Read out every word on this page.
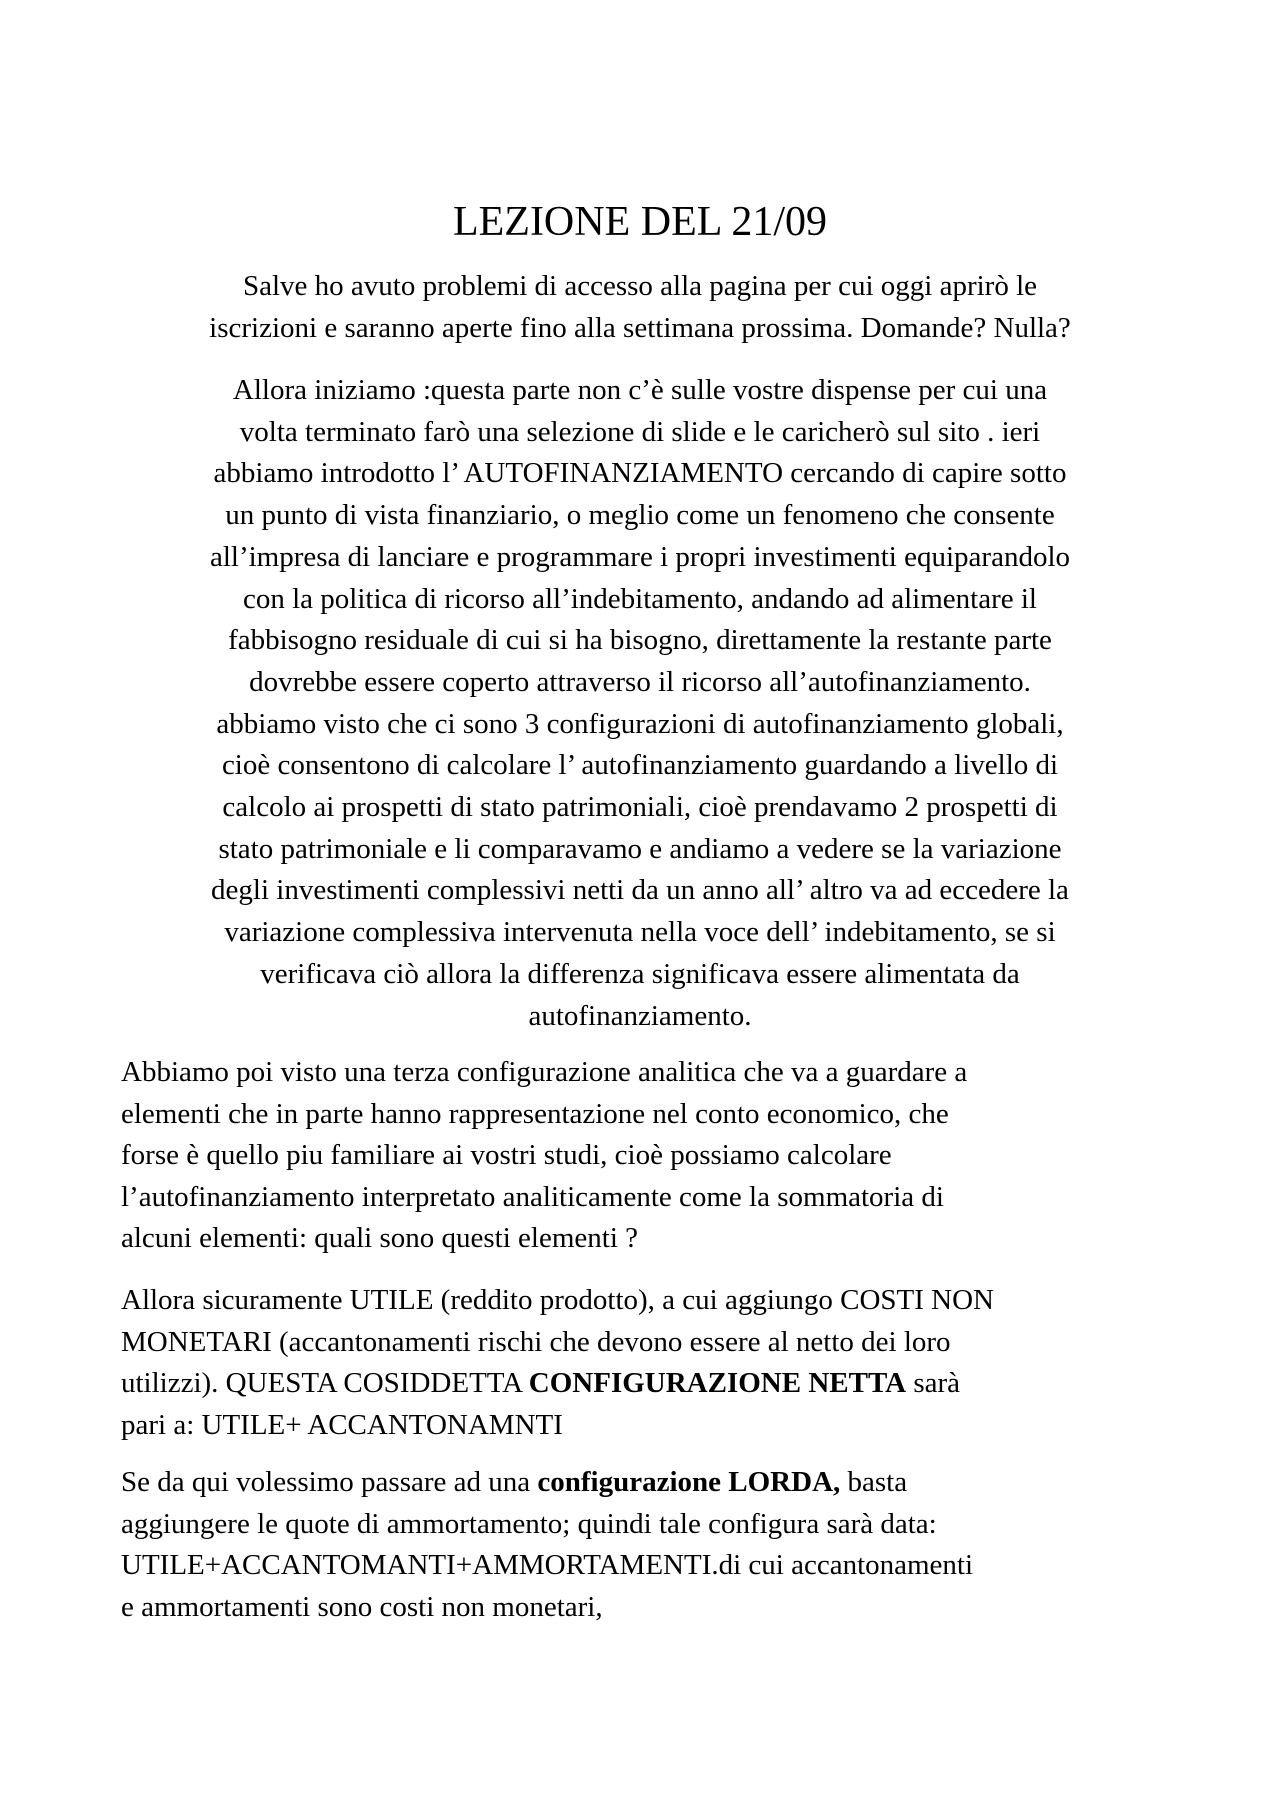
LEZIONE DEL 21/09

Salve ho avuto problemi di accesso alla pagina per cui oggi aprirò le
iscrizioni e saranno aperte fino alla settimana prossima. Domande? Nulla?

Allora iniziamo :questa parte non c’è sulle vostre dispense per cui una
volta terminato farò una selezione di slide e le caricherò sul sito . ieri
abbiamo introdotto l’ AUTOFINANZIAMENTO cercando di capire sotto
un punto di vista finanziario, o meglio come un fenomeno che consente
all’impresa di lanciare e programmare i propri investimenti equiparandolo
con la politica di ricorso all’indebitamento, andando ad alimentare il
fabbisogno residuale di cui si ha bisogno, direttamente la restante parte
dovrebbe essere coperto attraverso il ricorso all’autofinanziamento.
abbiamo visto che ci sono 3 configurazioni di autofinanziamento globali,
cioè consentono di calcolare l’ autofinanziamento guardando a livello di
calcolo ai prospetti di stato patrimoniali, cioè prendavamo 2 prospetti di
stato patrimoniale e li comparavamo e andiamo a vedere se la variazione
degli investimenti complessivi netti da un anno all’ altro va ad eccedere la
variazione complessiva intervenuta nella voce dell’ indebitamento, se si
verificava ciò allora la differenza significava essere alimentata da
autofinanziamento.

Abbiamo poi visto una terza configurazione analitica che va a guardare a
elementi che in parte hanno rappresentazione nel conto economico, che
forse è quello piu familiare ai vostri studi, cioè possiamo calcolare
l’autofinanziamento interpretato analiticamente come la sommatoria di
alcuni elementi: quali sono questi elementi ?

Allora sicuramente UTILE (reddito prodotto), a cui aggiungo COSTI NON
MONETARI (accantonamenti rischi che devono essere al netto dei loro
utilizzi). QUESTA COSIDDETTA CONFIGURAZIONE NETTA sarà
pari a: UTILE+ ACCANTONAMNTI

Se da qui volessimo passare ad una configurazione LORDA, basta
aggiungere le quote di ammortamento; quindi tale configura sarà data:
UTILE+ACCANTOMANTI+AMMORTAMENTI.di cui accantonamenti
e ammortamenti sono costi non monetari,
